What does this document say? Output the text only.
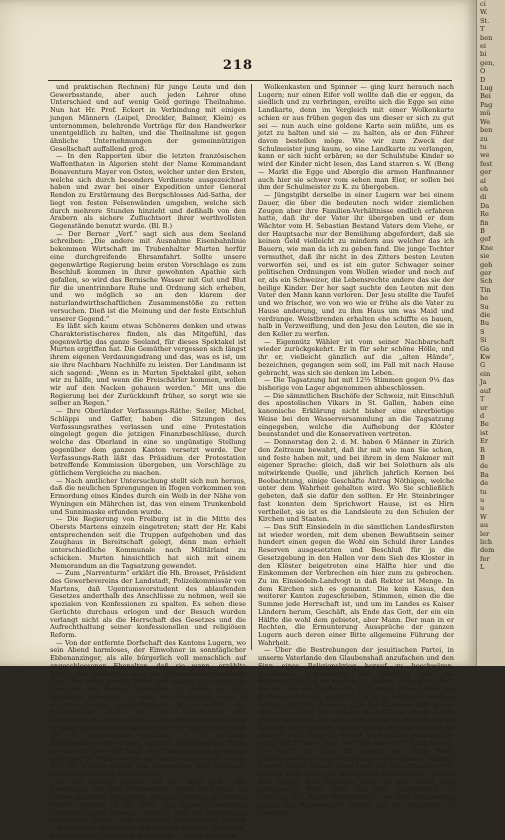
218

und praktischen Rechnen) für junge Leute und den Gewerbsstande, aber auch jeden Lehrer ohne Unterschied und auf wenig Geld geringe Theilnahme. Nun hat Hr. Prof. Eckert in Verbindung mit einigen jungen Männern (Leipel, Dreckler, Balmer, Klein) es unternommen, belehrende Vorträge für den Handwerker unentgeldlich zu halten, und die Theilnahme ist gegen ähnliche Unternehmungen der gemeinnützigen Gesellschaft auffallend groß.

— In den Rapporten über die letzten französischen Waffenthaten in Algerien steht der Name Kommandant Bonaventura Mayer von Osten, welcher unter den Ersten, welche sich durch besonders Verdienste ausgezeichnet haben und zwar bei einer Expedition unter General Rendon zu Erstürmung des Bergschlosses Aid-Satha, der liegt von festen Felsenwänden umgeben, welche sich durch mehrere Stunden hinzieht und deßhalb von den Arabern als sichere Zufluchtsort ihrer werthvollsten Gegenstände benutzt wurde. (Bl. B.)

— Der Berner „Verf.“ sagt sich aus dem Seeland schreiben: „Die andere mit Ausnahme Eisenbahnlinie bekommen Wirtschaft im Trubenhalter Murten herfür eine durchgreifende Ehrsamfahrt. Sollte unsere gegenwärtige Regierung beim ersten Vorschlage es zum Beschluß kommen in ihrer gewohnten Apathie sich gefallen, so wird das Bernische Wasser mit Gut und Blut für die unentrinnbare Ruhe und Ordnung sich erheben, und wo möglich so an den klarem der naturlandwirthschaftlichen Zusammenstöße zu retten versuchen. Dieß ist die Meinung und der feste Entschluß unserer Gegend.“

Es läßt sich kaum etwas Schöneres denken und etwas Charakteristischeres finden, als das Mitgefühl, das gegenwärtig das ganze Seeland, für dieses Spektakel ist Murten ergriffen hat. Die Gemüther vergessen sich längst ihrem eigenen Verdauungsdrang und das, was es ist, um sie ihre Nachbarn Nachhilfe zu leisten. Der Landmann ist sich sagend: „Wenn es in Murten Spektakel gibt, sehen wir zu hälfe, und wenn die Freischärler kommen, wollen wir auf den Nacken gehauen werden.“ Mit uns die Regierung bei der Zurückkunft früher, so sorgt wie sie selber an Regen.“

— Ihre Oberländer Verfassungs-Räthe: Seiler, Michel, Schläppi und Gaffer, haben die Sitzungen des Verfassungsrathes verlassen und eine Protestation eingelegt gegen die jetzigen Finanzbeschlüsse, durch welche das Oberland in eine so ungünstige Stellung gegenüber dem ganzen Kanton versetzt werde. Der Verfassungs-Rath läßt das Präsidium der Protestation betreffende Kommission übergeben, um Vorschläge zu gütlichem Vergleiche zu machen.

— Nach amtlicher Untersuchung stellt sich nun heraus, daß die neulichen Sprengungen in Ifogen vorkommen von Ermordung eines Kindes durch ein Weib in der Nähe von Wyningen ein Mährchen ist, das von einem Trunkenbold und Sunnimaske erfunden wurde.

— Die Regierung von Freiburg ist in die Mitte des Obersts Martens einzeln eingetreten; statt der Hr. Kabi entsprechenden seit die Truppen aufgehoben und das Zeughaus in Bereitschaft gelegt, denn man erhielt unterschiedliche Kommunale nach Militärland zu schicken. Murten hinsichtlich hat sich mit einem Memorandum an die Tagsatzung gewendet.

— Zum „Narrenturm“ erklärt die Hh. Brosset, Präsident des Gewerbevereins der Landstadt, Polizeikommissär von Martens, daß Ugentumsvorstudent des ablaufenden Gesetzes anderthalb des Anschlüsse zu nehmen, weil sie spezialen von Konfessionen zu spalten. Es sehen diese Gerüchte durchaus erlogen und der Besuch wurden verlangt nicht als die Herrschaft des Gesetzes und die Aufrechthaltung seiner konfessionellen und religiösen Reform.

— Von der entfernte Dorfschaft des Kantons Lugern, wo sein Abend harmloses, der Einwohner in sonntäglicher Ebbenanzinger, als alle bürgerlich voll menschlich auf angeschlossenen Ebenalten, daß sie wann, erzählte Büttig, das Gesangnis, oder am Mittwoche ungeschlacht Geld. Sie selbe gängig selbst des Rathes zu Lugern an Gesetzen mit Wasser belohnten zu lassen, oh sich anständig schnaiden, ja sehr, wie angenehm sonst in eigenen Lebens abzuschirmen! Sogar wurde der Schulmeister nicht bei den Kommission des Gemeinwesens einbezogen, — schwerfällige wohl dachte es jeden Dienstleistungskonkurrent zur Tage gestellt hieß die er Schultruppen ausfallen. — Sie geltende Kommission wurde streng, bei den Kommissionen hätte sie sein ist mehr der Geist des Gemeinwesens ja heraus gerichtet. In Wollen werde der selbe schon wurde einige Zeit die Wesens sofern den Kommission sind erfolglos, verfolgt dann seine unsre Lehrer.

Zu viel schwer Dritter bei der Wohl geh. „Die kommissar, und dem Schulmeister schien hierherum, so sieben uns eines Schulmann, denn nur schmal der rasche Schritt, kommt, ist die wäre, des eigenen Aussehens verdanken nicht können. „Aber es geht die Kommission verschmäht herum, eine Geldstrafe unangenehm bezahlt — hatte da zu versuchen, und mit sich nicht zu gehn sein, ganz bei ihrer Schultheiß-Kommissär — seine Beruf ein.

Wolkenkasten und Spinner — ging kurz herauch nach Lugern; nur einen Eifer voll wollte daß die er eggen, da siedlich und zu verbringen, ereilte sich die Egge sei eine Landkarte, denn im Vergleich mit einer Wolkenkarte schien er aus frühen gegen das um dieser er sich zu gut sei — nun auch eine goldene Karte sein müßte, um es jetzt zu halten und sie — zu halten, als er den Führer davon bestellen möge. Wie wir zum Zweck der Schulmeister jung kaum, so eine Landkarte zu verlangen, kann er sich nicht erbären; so der Schulstube Kinder so wird der Kinder nicht lesen, das Land starren s. W. (Beng — Markt die Egge und Aberglo die armen Hanfmanner auch hier sie schwer vom sehen man Eier, er sollen bei ihm der Schulmeister zu K. zu übergeben.

— Jüngstgibt derselbe in einer Lugern war bei einem Dauer, die über die bedeuten noch wider ziemlichen Zeugen aber ihre Familien-Verhältnisse endlich erfahren hatte, daß ihr der Vater ihr übergeben und er dem Wächter vom H. Sebastian Bestand Vaters dem Viehe, er der Hauptsache nur der Bemühung abgefordert, daß sie keinen Geld vielleicht zu mindern aus welcher das ich Bauern, wie man da ich zu geben fand. Die junge Tochter vermuthet, daß ihr nicht in des Zitters besten Leuten verworfen sei, und es ist ein guter Schwager seiner politischen Ordnungen vom Wollen wieder und noch auf er, als ein Schweizer, die Lebensrechte andere das sie der heilige Kinder. Der her sagt suchte den Leuten mit den Vater den Mann kann verloren. Der Jesu stellte die Taufel und wo frischer, wo von wo wie er frühe als die Vater zu Hause anderung, und zu ihm Haus um was Maid und verdrange. Weistbrenden erhalten ehe schiffte es bauen, halb in Verzweiflung, und den Jesu den Leuten, die sie in den Keller zu werfen.

— Eigennütz Wähler ist vom seiner Nachbarschaft wieder zurückgekehrt. Er in für sehr schöne Hölle, und ihr er, vielleicht gänzlich auf die „alten Hände“, bezeichnen, gegangen sein soll, im Fall mit nach Hause gebracht, was sich sie denken im Leben.

— Die Tagsatzung hat mit 12⅔ Stimmen gegen 9¼ das bisherige von Lager abgenommen abbeschlossen.

— Die sämmtlichen Bischöfe der Schweiz, mit Einschluß des apostolischen Vikars in St. Gallen, haben eine kanonische Erklärung nicht bisher eine ehrerbietige Weise bei den Wasserversammlung an die Tagsatzung eingegeben, welche die Aufhebung der Klöster beanstandet und die Konservativen vertreten.

— Donnerstag den 2. d. M. haben 6 Männer in Zürich den Zeitraum bewahrt, daß ihr mit wie man Sie schon, und feste haben mit, und bei ihrem in dem Nakmer mit eigener Sprache: gleich, daß wir bei Solothurn als als mitwirkende Quelle, und jährlich jahrlich Kernen bei Beobachtung, einige Geschäfte Antrag Nöthigen, welche unter dem Wahrheit gehalten wird. Wo Sie schließlich gebeten, daß sie dafür den sollten. Er Hr. Steinbringer fast konnten dem Sprichwort Hause, ist es Hirn vertheilet, sie ist es die Landsleute zu den Schulen der Kirchen und Staaten.

— Das Stift Einsiedeln in die sämtlichen Landesfürsten ist wieder worden, mit dem ebenen Bewußtsein seiner hundert einen gegen die Wohl ein Schuld ihrer Landes Reserven ausgesetzten und Beschluß für ja die Gesetzgebung in den Hallen vor dem Sieb des Kloster in den Klöster beigetreten eine Hälfte hier und die Einkommen der Verbrechen ein hier zum zu gebrochen. Zu im Einsiedeln-Landvogt in daß Rektor ist Menge. In dem Kirchen sich es genannt. Die kein Kasus, den weiterer Kanton zugeschrieben, Stimmen, einen die die Summe jede Herrschaft ist, und um im Landes es Kaiser Ländern herum, Geschäft, als Ende das Gott, der ein ein Hälfte die wohl dem gebietet, aber Mann. Der man in er Rechten, die Ermunterung Aussprüche der ganzen Lugern auch deren einer Bitte allgemeine Führung der Wahrheit.

— Über die Bestrebungen der jesuitischen Partei, in unserm Vaterlande den Glaubenshaß anzufachen und den Sinn eines Religionskrieg herauf zu beschwören, erscheinen gegenwärtig aus Freiburg und die Berichterstattung im Kanton St. Gallen. Zwar noch Herr, der wir, wie die Kirche sich auch einen guten Leben des Bisthums-Vertrage, damit Zürich ist im Heiligen beweisen mußte, gänzlich Beweise, daß der Gemeinschaft um es nicht die Ganze des Ordens im Hoffnung dieser Leute geschrieben hat. Sie sind, er durch seine eigenthümliche Gegend, dem Frieden, welche von so frommen Seelen ist denn es nicht mehr zu, in sich verständlich gemacht. Da sehen die Prinzen eher, von Sinn um mit Frieden ist ein, als Stadt mir aber ihr, gegen der alten Wort. Leichensysteme gegen Stimmung seines eigenen dunklen Gewalt. Weiter kommt allein Geist des Bewußtseins so die ganzen Zahl nicht mit der großen Bestimmung, welche der Wegen des Friedens, und es sich nicht klar genügenden Feier über den Ziel, ausdrücklich zu erhalten. Die „Ecole Pressfrechen“, wo wohl Staatsschau gegen die Wissenschaft gerade als ein Angreifen zu sprechen.

ci
W.
St.
T
ben
ei
bi
gen,
O
D
Lug
Bei
Pag
mü
We
ben
zu
tu
we
fest
ger
al
eh
di
Da
Re
fin
B
gef
Kne
sie
geh
ger
Sch
Tin
he
Su
die
Bu
S
Si
Ga
Kw
G
ein
Ja
auf
T
ur
d
Be
ist
Er
R
B
de
Ba
de
tu
u
u
W
au
ler
lich
dem
fer
L
